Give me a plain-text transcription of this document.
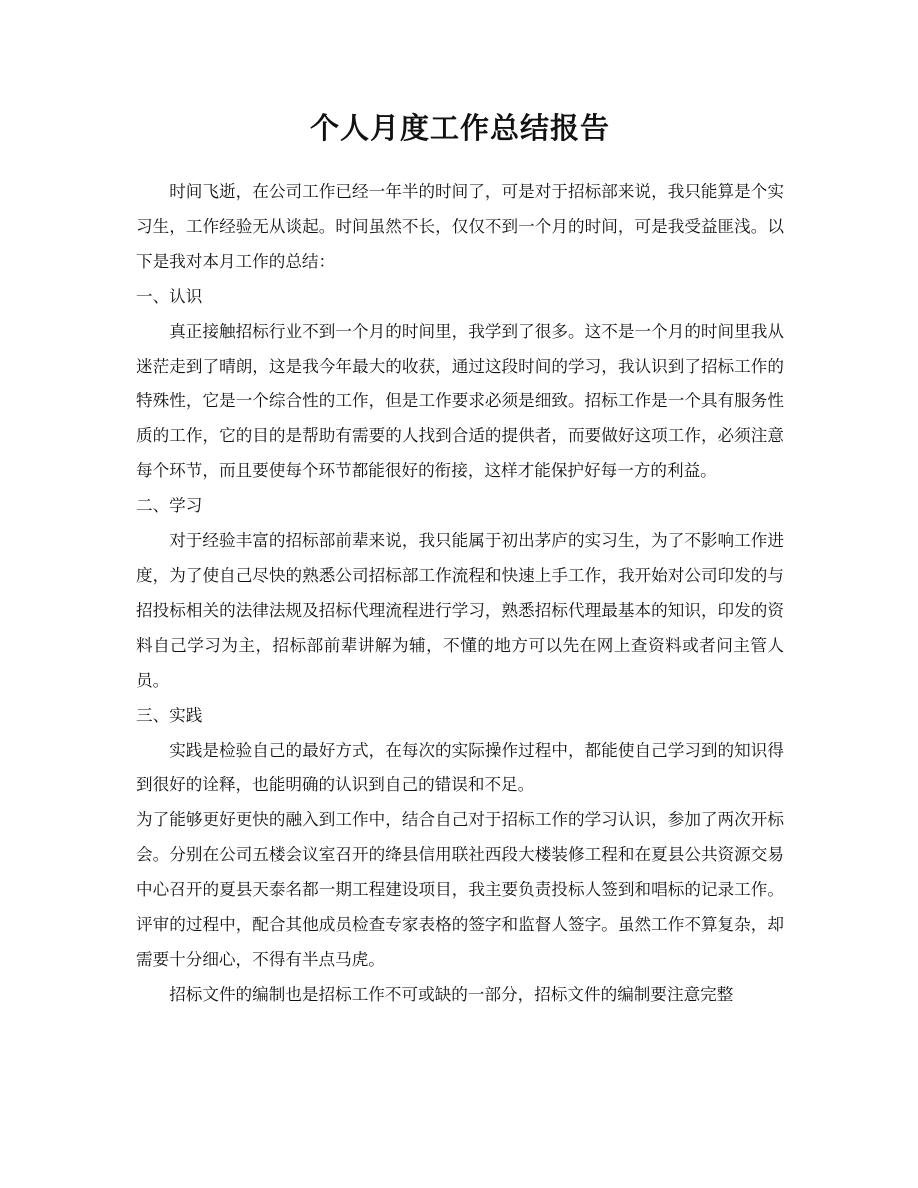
个人月度工作总结报告

时间飞逝，在公司工作已经一年半的时间了，可是对于招标部来说，我只能算是个实习生，工作经验无从谈起。时间虽然不长，仅仅不到一个月的时间，可是我受益匪浅。以下是我对本月工作的总结：

一、认识

真正接触招标行业不到一个月的时间里，我学到了很多。这不是一个月的时间里我从迷茫走到了晴朗，这是我今年最大的收获，通过这段时间的学习，我认识到了招标工作的特殊性，它是一个综合性的工作，但是工作要求必须是细致。招标工作是一个具有服务性质的工作，它的目的是帮助有需要的人找到合适的提供者，而要做好这项工作，必须注意每个环节，而且要使每个环节都能很好的衔接，这样才能保护好每一方的利益。

二、学习

对于经验丰富的招标部前辈来说，我只能属于初出茅庐的实习生，为了不影响工作进度，为了使自己尽快的熟悉公司招标部工作流程和快速上手工作，我开始对公司印发的与招投标相关的法律法规及招标代理流程进行学习，熟悉招标代理最基本的知识，印发的资料自己学习为主，招标部前辈讲解为辅，不懂的地方可以先在网上查资料或者问主管人员。

三、实践

实践是检验自己的最好方式，在每次的实际操作过程中，都能使自己学习到的知识得到很好的诠释，也能明确的认识到自己的错误和不足。

为了能够更好更快的融入到工作中，结合自己对于招标工作的学习认识，参加了两次开标会。分别在公司五楼会议室召开的绛县信用联社西段大楼装修工程和在夏县公共资源交易中心召开的夏县天泰名都一期工程建设项目，我主要负责投标人签到和唱标的记录工作。评审的过程中，配合其他成员检查专家表格的签字和监督人签字。虽然工作不算复杂，却需要十分细心，不得有半点马虎。

招标文件的编制也是招标工作不可或缺的一部分，招标文件的编制要注意完整
